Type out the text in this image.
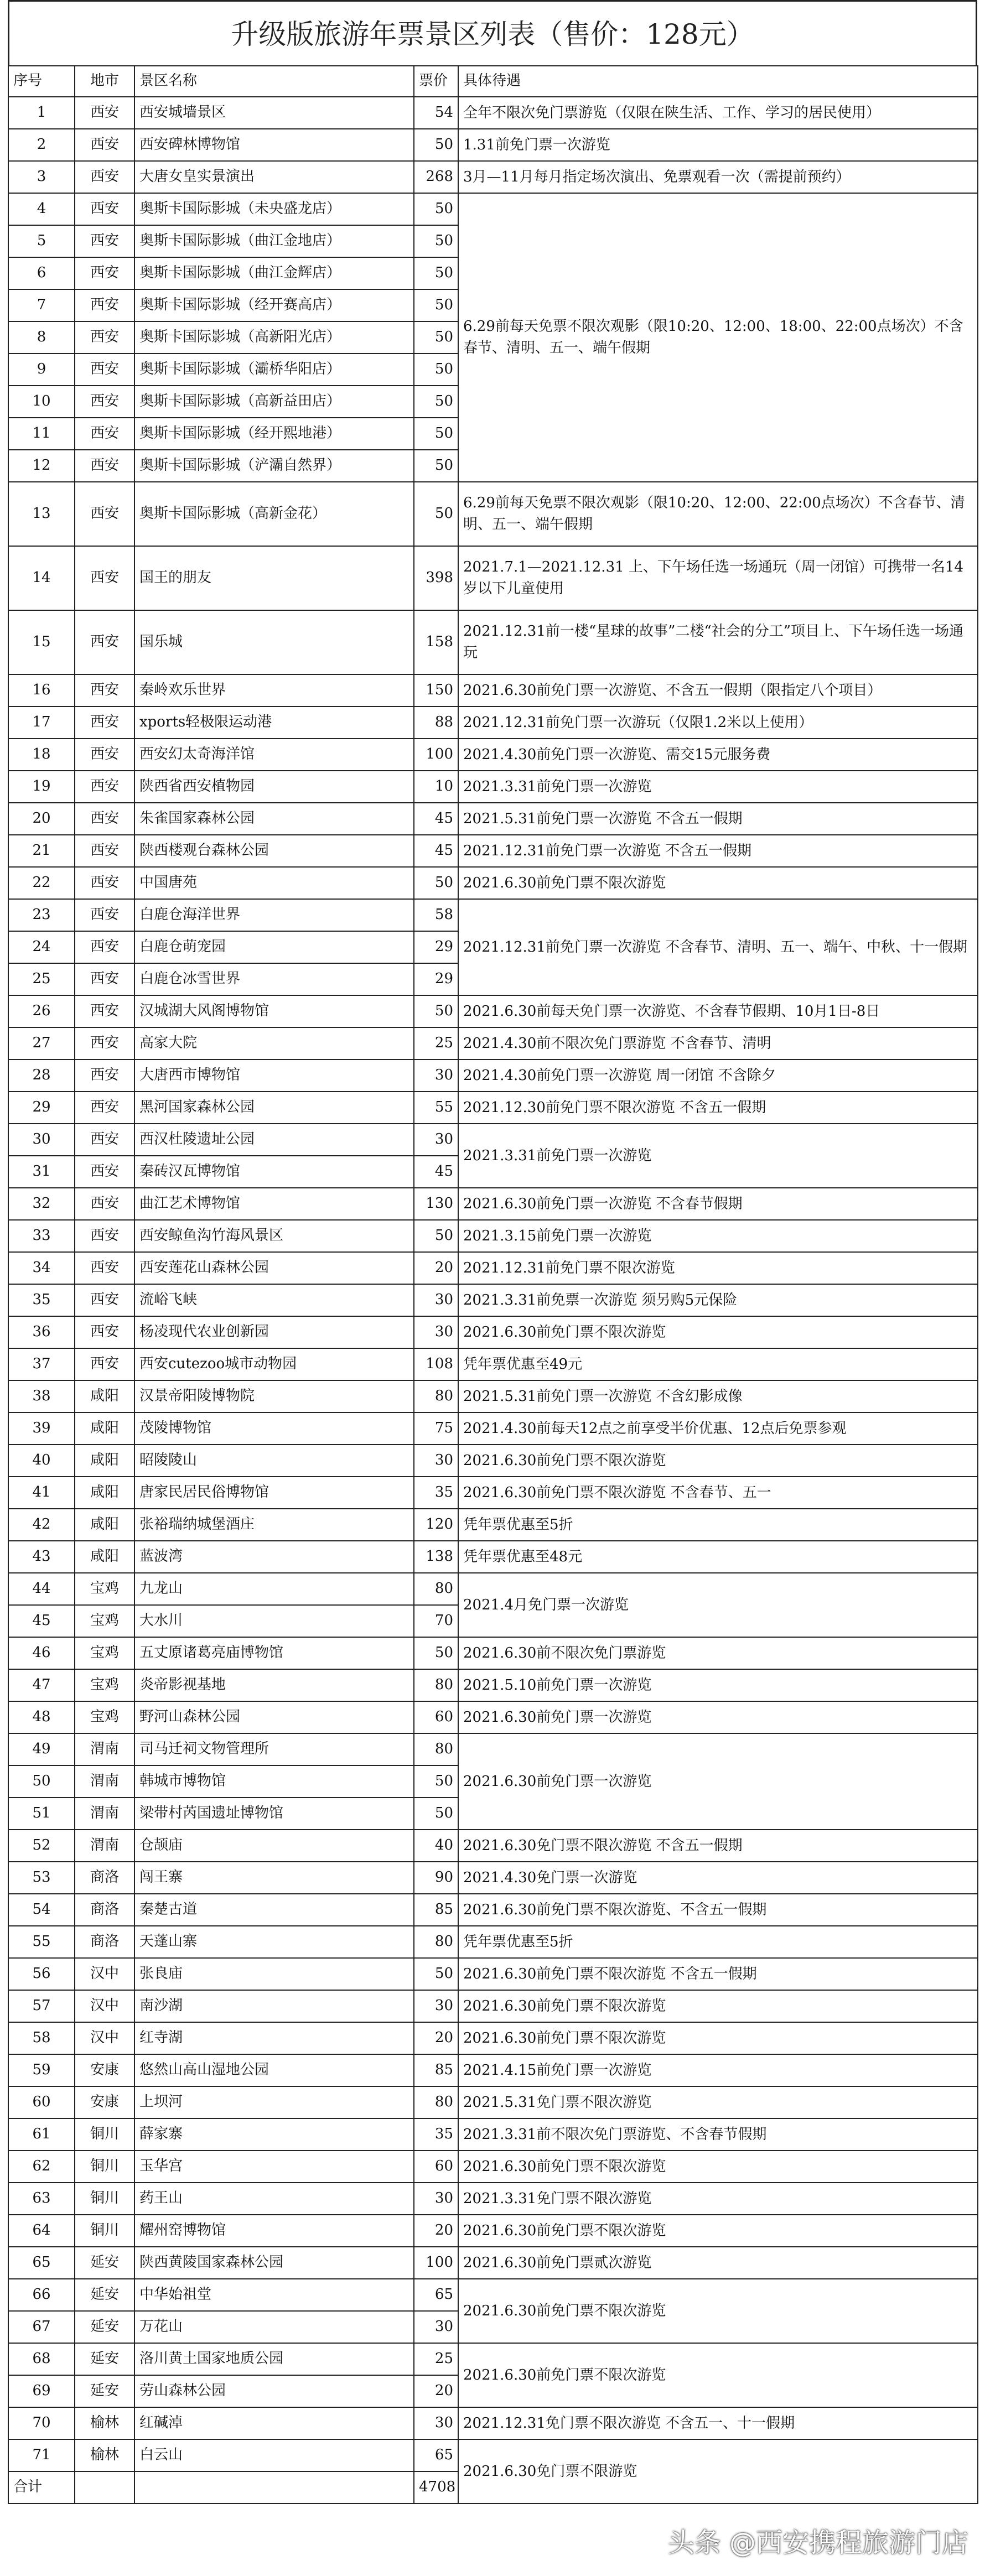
升级版旅游年票景区列表（售价：128元）
序号	地市	景区名称	票价	具体待遇	
1	西安	西安城墙景区	54	全年不限次免门票游览（仅限在陕生活、工作、学习的居民使用）	
2	西安	西安碑林博物馆	50	1.31前免门票一次游览	
3	西安	大唐女皇实景演出	268	3月—11月每月指定场次演出、免票观看一次（需提前预约）	
4	西安	奥斯卡国际影城（未央盛龙店）	50	6.29前每天免票不限次观影（限10:20、12:00、18:00、22:00点场次）不含春节、清明、五一、端午假期	
5	西安	奥斯卡国际影城（曲江金地店）	50		
6	西安	奥斯卡国际影城（曲江金辉店）	50		
7	西安	奥斯卡国际影城（经开赛高店）	50		
8	西安	奥斯卡国际影城（高新阳光店）	50		
9	西安	奥斯卡国际影城（灞桥华阳店）	50		
10	西安	奥斯卡国际影城（高新益田店）	50		
11	西安	奥斯卡国际影城（经开熙地港）	50		
12	西安	奥斯卡国际影城（浐灞自然界）	50		
13	西安	奥斯卡国际影城（高新金花）	50	6.29前每天免票不限次观影（限10:20、12:00、22:00点场次）不含春节、清明、五一、端午假期	
14	西安	国王的朋友	398	2021.7.1—2021.12.31 上、下午场任选一场通玩（周一闭馆）可携带一名14岁以下儿童使用	
15	西安	国乐城	158	2021.12.31前一楼“星球的故事”二楼“社会的分工”项目上、下午场任选一场通玩	
16	西安	秦岭欢乐世界	150	2021.6.30前免门票一次游览、不含五一假期（限指定八个项目）	
17	西安	xports轻极限运动港	88	2021.12.31前免门票一次游玩（仅限1.2米以上使用）	
18	西安	西安幻太奇海洋馆	100	2021.4.30前免门票一次游览、需交15元服务费	
19	西安	陕西省西安植物园	10	2021.3.31前免门票一次游览	
20	西安	朱雀国家森林公园	45	2021.5.31前免门票一次游览 不含五一假期	
21	西安	陕西楼观台森林公园	45	2021.12.31前免门票一次游览 不含五一假期	
22	西安	中国唐苑	50	2021.6.30前免门票不限次游览	
23	西安	白鹿仓海洋世界	58	2021.12.31前免门票一次游览 不含春节、清明、五一、端午、中秋、十一假期	
24	西安	白鹿仓萌宠园	29		
25	西安	白鹿仓冰雪世界	29		
26	西安	汉城湖大风阁博物馆	50	2021.6.30前每天免门票一次游览、不含春节假期、10月1日-8日	
27	西安	高家大院	25	2021.4.30前不限次免门票游览 不含春节、清明	
28	西安	大唐西市博物馆	30	2021.4.30前免门票一次游览 周一闭馆 不含除夕	
29	西安	黑河国家森林公园	55	2021.12.30前免门票不限次游览 不含五一假期	
30	西安	西汉杜陵遗址公园	30	2021.3.31前免门票一次游览	
31	西安	秦砖汉瓦博物馆	45		
32	西安	曲江艺术博物馆	130	2021.6.30前免门票一次游览 不含春节假期	
33	西安	西安鲸鱼沟竹海风景区	50	2021.3.15前免门票一次游览	
34	西安	西安莲花山森林公园	20	2021.12.31前免门票不限次游览	
35	西安	流峪飞峡	30	2021.3.31前免票一次游览 须另购5元保险	
36	西安	杨凌现代农业创新园	30	2021.6.30前免门票不限次游览	
37	西安	西安cutezoo城市动物园	108	凭年票优惠至49元	
38	咸阳	汉景帝阳陵博物院	80	2021.5.31前免门票一次游览 不含幻影成像	
39	咸阳	茂陵博物馆	75	2021.4.30前每天12点之前享受半价优惠、12点后免票参观	
40	咸阳	昭陵陵山	30	2021.6.30前免门票不限次游览	
41	咸阳	唐家民居民俗博物馆	35	2021.6.30前免门票不限次游览 不含春节、五一	
42	咸阳	张裕瑞纳城堡酒庄	120	凭年票优惠至5折	
43	咸阳	蓝波湾	138	凭年票优惠至48元	
44	宝鸡	九龙山	80	2021.4月免门票一次游览	
45	宝鸡	大水川	70		
46	宝鸡	五丈原诸葛亮庙博物馆	50	2021.6.30前不限次免门票游览	
47	宝鸡	炎帝影视基地	80	2021.5.10前免门票一次游览	
48	宝鸡	野河山森林公园	60	2021.6.30前免门票一次游览	
49	渭南	司马迁祠文物管理所	80	2021.6.30前免门票一次游览	
50	渭南	韩城市博物馆	50		
51	渭南	梁带村芮国遗址博物馆	50		
52	渭南	仓颉庙	40	2021.6.30免门票不限次游览 不含五一假期	
53	商洛	闯王寨	90	2021.4.30免门票一次游览	
54	商洛	秦楚古道	85	2021.6.30前免门票不限次游览、不含五一假期	
55	商洛	天蓬山寨	80	凭年票优惠至5折	
56	汉中	张良庙	50	2021.6.30前免门票不限次游览 不含五一假期	
57	汉中	南沙湖	30	2021.6.30前免门票不限次游览	
58	汉中	红寺湖	20	2021.6.30前免门票不限次游览	
59	安康	悠然山高山湿地公园	85	2021.4.15前免门票一次游览	
60	安康	上坝河	80	2021.5.31免门票不限次游览	
61	铜川	薛家寨	35	2021.3.31前不限次免门票游览、不含春节假期	
62	铜川	玉华宫	60	2021.6.30前免门票不限次游览	
63	铜川	药王山	30	2021.3.31免门票不限次游览	
64	铜川	耀州窑博物馆	20	2021.6.30前免门票不限次游览	
65	延安	陕西黄陵国家森林公园	100	2021.6.30前免门票贰次游览	
66	延安	中华始祖堂	65	2021.6.30前免门票不限次游览	
67	延安	万花山	30		
68	延安	洛川黄土国家地质公园	25	2021.6.30前免门票不限次游览	
69	延安	劳山森林公园	20		
70	榆林	红碱淖	30	2021.12.31免门票不限次游览 不含五一、十一假期	
71	榆林	白云山	65	2021.6.30免门票不限游览	
合计			4708		
头条 @西安携程旅游门店
